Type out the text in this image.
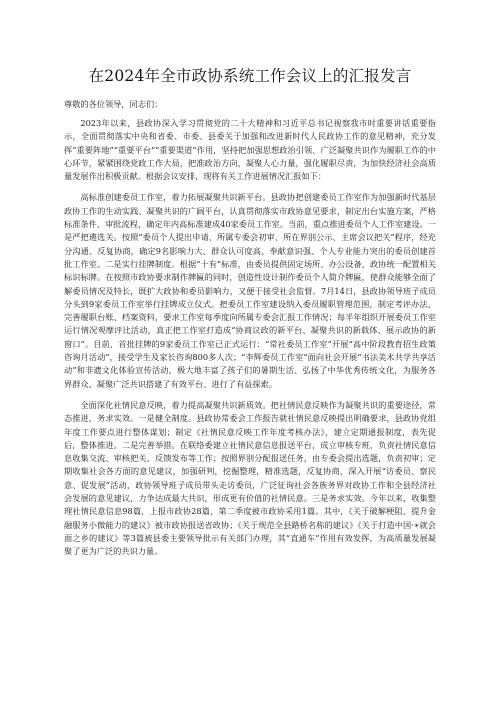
在2024年全市政协系统工作会议上的汇报发言

尊敬的各位领导，同志们：

2023年以来，县政协深入学习贯彻党的二十大精神和习近平总书记视察我市时重要讲话重要指示，全面贯彻落实中央和省委、市委、县委关于加强和改进新时代人民政协工作的意见精神，充分发挥“重要阵地”“重要平台”“重要渠道”作用，坚持把加强思想政治引领、广泛凝聚共识作为履职工作的中心环节，紧紧围绕党政工作大局，把准政治方向，凝聚人心力量，强化履职尽责，为加快经济社会高质量发展作出积极贡献。根据会议安排，现将有关工作进展情况汇报如下：

高标准创建委员工作室，着力拓展凝聚共识新平台。县政协把创建委员工作室作为加强新时代基层政协工作的生动实践、凝聚共识的广阔平台，认真贯彻落实市政协意见要求，制定出台实施方案，严格标准条件、审批流程，确定年内高标准建成40家委员工作室。当前，重点推进委员个人工作室建设。一是严把遴选关。按照“委员个人提出申请、所属专委会初审、所在界别公示、主席会议把关”程序，经充分沟通、反复协商，确定9名影响力大、群众认可度高、奉献意识强、个人专业能力突出的委员创建首批工作室。二是实行挂牌制度。根据“十有”标准，由委员提供固定场所、办公设备，政协统一配置相关标识标牌。在按照市政协要求制作牌匾的同时，创造性设计制作委员个人简介牌匾，使群众能够全面了解委员情况及特长，既扩大政协和委员影响力，又便于接受社会监督。7月14日，县政协领导班子成员分头到9家委员工作室举行挂牌成立仪式。把委员工作室建设纳入委员履职管理范围，制定考评办法，完善履职台账、档案资料，要求工作室每季度向所属专委会汇报工作情况；每半年组织开展委员工作室运行情况观摩评比活动，真正把工作室打造成“协商议政的新平台、凝聚共识的新载体、展示政协的新窗口”。目前，首批挂牌的9家委员工作室已正式运行：“常社委员工作室”开展“高中阶段教育招生政策咨询月活动”，接受学生及家长咨询800多人次；“李辉委员工作室”面向社会开展“书法美术共学共享活动”和非遗文化体验宣传活动，极大地丰富了孩子们的暑期生活、弘扬了中华优秀传统文化，为服务各界群众、凝聚广泛共识搭建了有效平台、进行了有益探索。

全面深化社情民意反映，着力提高凝聚共识新质效。把社情民意反映作为凝聚共识的重要途径，常态推进，务求实效。一是健全制度。县政协常委会工作报告就社情民意反映提出明确要求，县政协党组年度工作要点进行整体谋划；制定《社情民意反映工作年度考核办法》，建立定期通报制度，表先促后，整体推进。二是完善举措。在联络委建立社情民意信息报送平台，成立审核专班，负责社情民意信息收集交流、审核把关、反馈发布等工作；按照界别分配报送任务，由专委会提出选题，负责初审；定期收集社会各方面的意见建议，加强研判，挖掘整理，精准选题，反复协商，深入开展“访委员、察民意、促发展”活动，政协领导班子成员带头走访委员，广泛征询社会各族务界对政协工作和全县经济社会发展的意见建议，力争达成最大共识，形成更有价值的社情民意。三是务求实效。今年以来，收集整理社情民意信息98篇，上报市政协28篇，第二季度被市政协采用1篇。其中，《关于破解梗阻、提升金融服务小微能力的建议》被市政协报送省政协；《关于规范全县路桥名称的建议》《关于打造中国·∗就会面之乡的建议》等3篇被县委主要领导批示有关部门办理，其“直通车”作用有效发挥，为高质量发展凝聚了更为广泛的共识力量。
